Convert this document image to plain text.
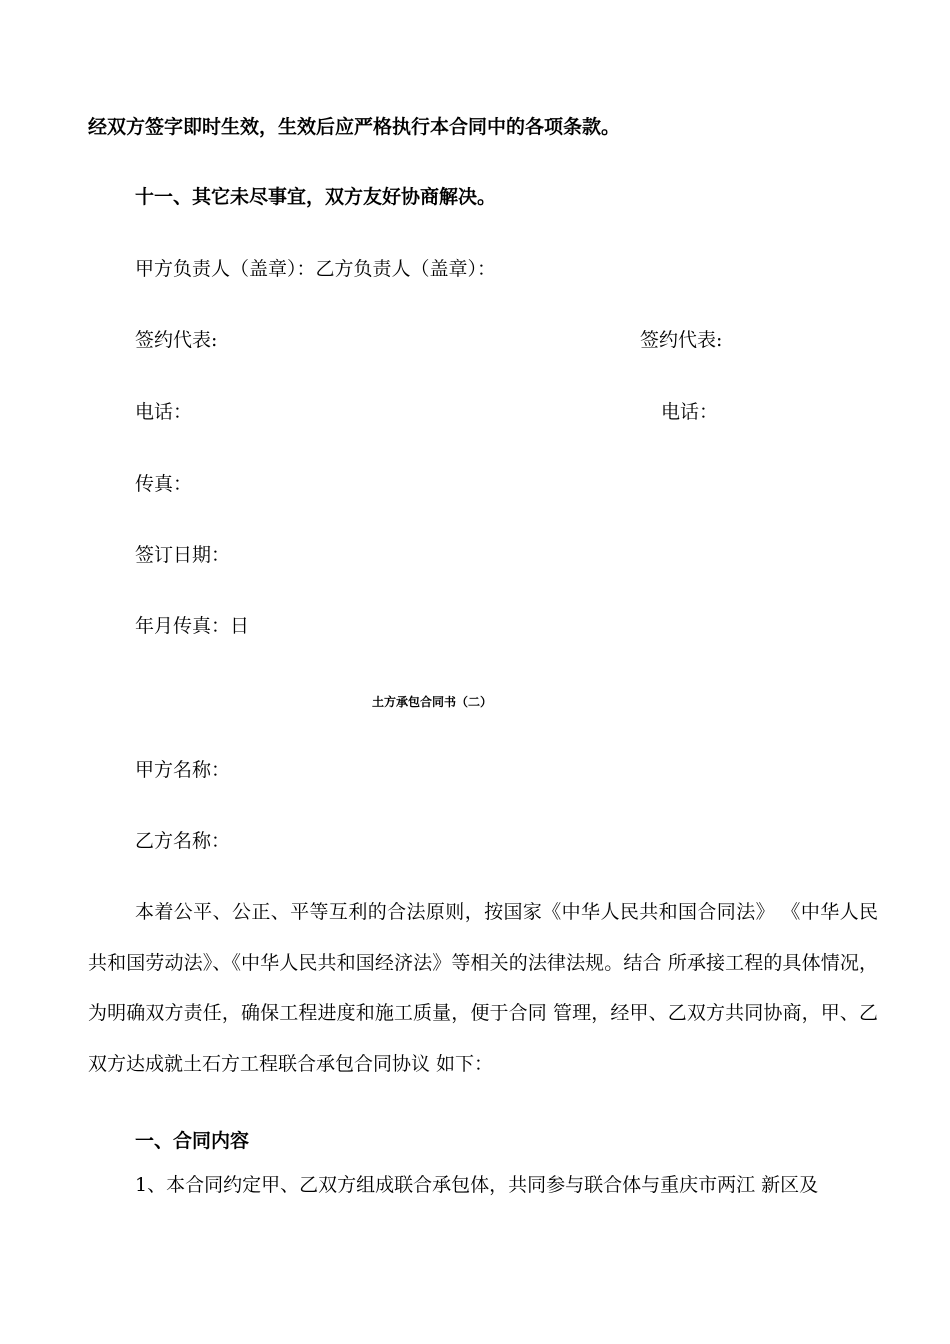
经双方签字即时生效，生效后应严格执行本合同中的各项条款。
十一、其它未尽事宜，双方友好协商解决。
甲方负责人（盖章）：乙方负责人（盖章）：
签约代表:	签约代表:
电话：	电话：
传真：
签订日期：
年月传真：日
土方承包合同书（二）
甲方名称：
乙方名称：
本着公平、公正、平等互利的合法原则，按国家《中华人民共和国合同法》 《中华人民共和国劳动法》、《中华人民共和国经济法》等相关的法律法规。结合 所承接工程的具体情况，为明确双方责任，确保工程进度和施工质量，便于合同 管理，经甲、乙双方共同协商，甲、乙双方达成就土石方工程联合承包合同协议 如下：
一、合同内容
1、本合同约定甲、乙双方组成联合承包体，共同参与联合体与重庆市两江 新区及
